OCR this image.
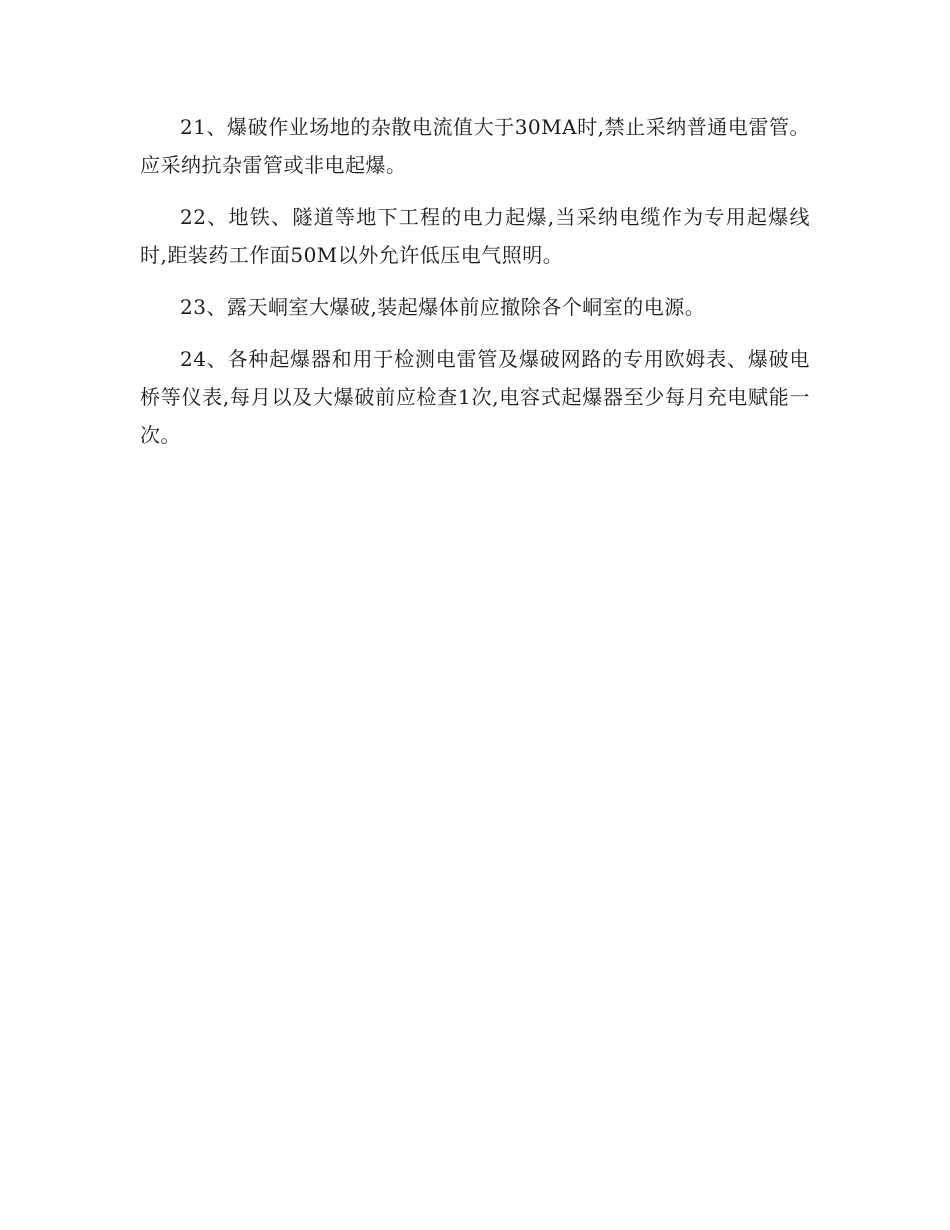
21、爆破作业场地的杂散电流值大于30MA时,禁止采纳普通电雷管。应采纳抗杂雷管或非电起爆。

22、地铁、隧道等地下工程的电力起爆,当采纳电缆作为专用起爆线时,距装药工作面50M以外允许低压电气照明。

23、露天峒室大爆破,装起爆体前应撤除各个峒室的电源。

24、各种起爆器和用于检测电雷管及爆破网路的专用欧姆表、爆破电桥等仪表,每月以及大爆破前应检查1次,电容式起爆器至少每月充电赋能一次。
